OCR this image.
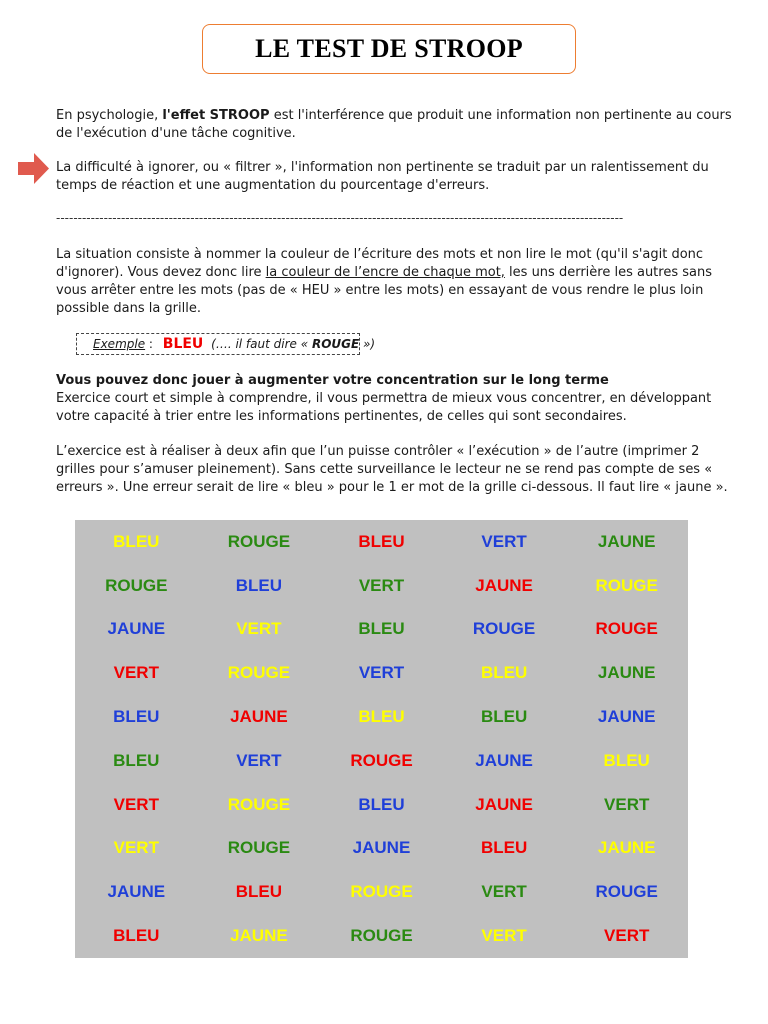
LE TEST DE STROOP
En psychologie, l'effet STROOP est l'interférence que produit une information non pertinente au cours de l'exécution d'une tâche cognitive.
La difficulté à ignorer, ou « filtrer », l'information non pertinente se traduit par un ralentissement du temps de réaction et une augmentation du pourcentage d'erreurs.
-----------------------------------------------------------------------------------------------------------------------------------
La situation consiste à nommer la couleur de l’écriture des mots et non lire le mot (qu'il s'agit donc d'ignorer). Vous devez donc lire la couleur de l’encre de chaque mot, les uns derrière les autres sans vous arrêter entre les mots (pas de « HEU » entre les mots) en essayant de vous rendre le plus loin possible dans la grille.
Exemple : BLEU (…. il faut dire « ROUGE »)
Vous pouvez donc jouer à augmenter votre concentration sur le long terme
Exercice court et simple à comprendre, il vous permettra de mieux vous concentrer, en développant votre capacité à trier entre les informations pertinentes, de celles qui sont secondaires.
L’exercice est à réaliser à deux afin que l’un puisse contrôler « l’exécution » de l’autre (imprimer 2 grilles pour s’amuser pleinement). Sans cette surveillance le lecteur ne se rend pas compte de ses « erreurs ». Une erreur serait de lire « bleu » pour le 1 er mot de la grille ci-dessous. Il faut lire « jaune ».
BLEU	ROUGE	BLEU	VERT	JAUNE
ROUGE	BLEU	VERT	JAUNE	ROUGE
JAUNE	VERT	BLEU	ROUGE	ROUGE
VERT	ROUGE	VERT	BLEU	JAUNE
BLEU	JAUNE	BLEU	BLEU	JAUNE
BLEU	VERT	ROUGE	JAUNE	BLEU
VERT	ROUGE	BLEU	JAUNE	VERT
VERT	ROUGE	JAUNE	BLEU	JAUNE
JAUNE	BLEU	ROUGE	VERT	ROUGE
BLEU	JAUNE	ROUGE	VERT	VERT
